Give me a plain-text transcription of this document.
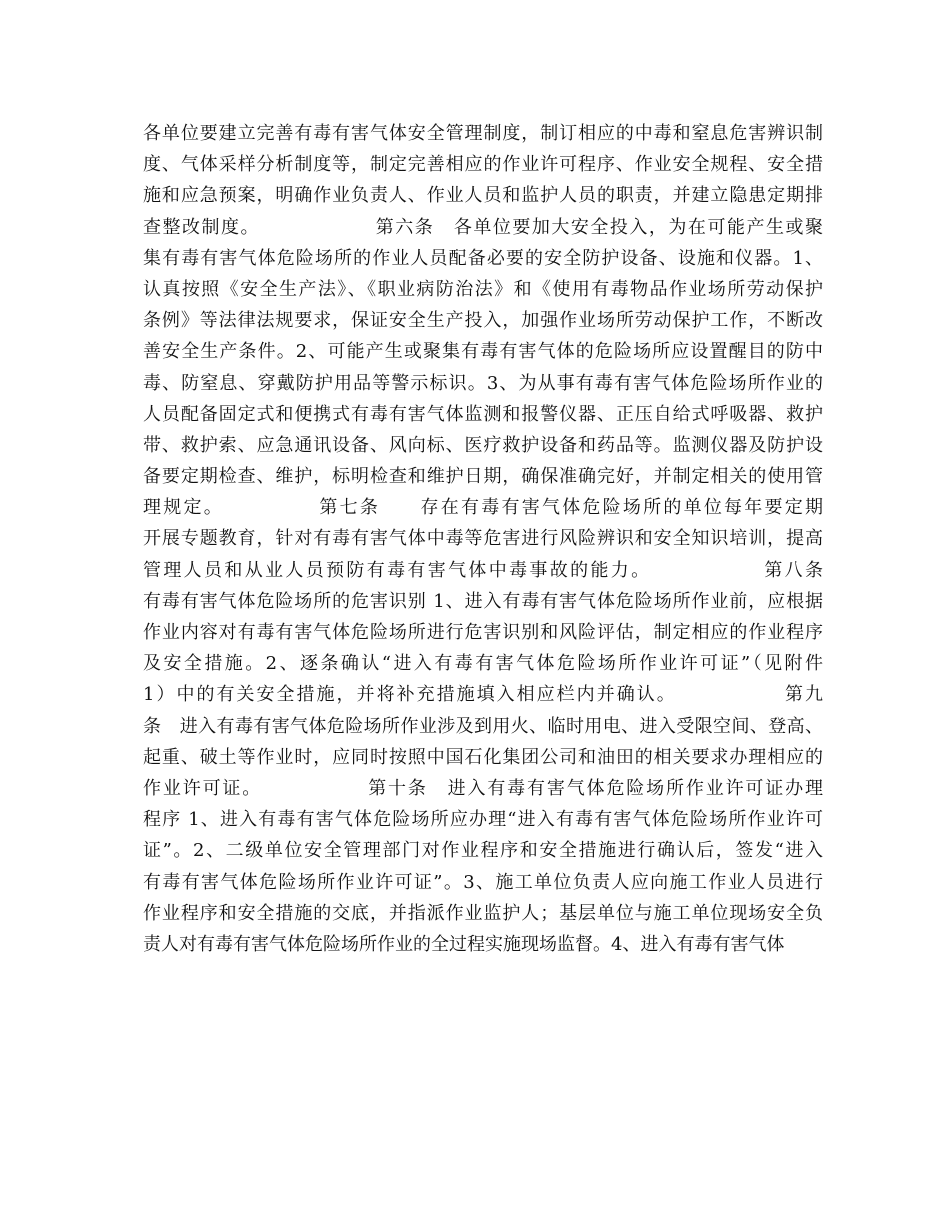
各单位要建立完善有毒有害气体安全管理制度，制订相应的中毒和窒息危害辨识制
度、气体采样分析制度等，制定完善相应的作业许可程序、作业安全规程、安全措
施和应急预案，明确作业负责人、作业人员和监护人员的职责，并建立隐患定期排
查整改制度。                第六条　各单位要加大安全投入，为在可能产生或聚
集有毒有害气体危险场所的作业人员配备必要的安全防护设备、设施和仪器。1、
认真按照《安全生产法》、《职业病防治法》和《使用有毒物品作业场所劳动保护
条例》等法律法规要求，保证安全生产投入，加强作业场所劳动保护工作，不断改
善安全生产条件。2、可能产生或聚集有毒有害气体的危险场所应设置醒目的防中
毒、防窒息、穿戴防护用品等警示标识。3、为从事有毒有害气体危险场所作业的
人员配备固定式和便携式有毒有害气体监测和报警仪器、正压自给式呼吸器、救护
带、救护索、应急通讯设备、风向标、医疗救护设备和药品等。监测仪器及防护设
备要定期检查、维护，标明检查和维护日期，确保准确完好，并制定相关的使用管
理规定。            第七条　　存在有毒有害气体危险场所的单位每年要定期
开展专题教育，针对有毒有害气体中毒等危害进行风险辨识和安全知识培训，提高
管理人员和从业人员预防有毒有害气体中毒事故的能力。              第八条
有毒有害气体危险场所的危害识别 1、进入有毒有害气体危险场所作业前，应根据
作业内容对有毒有害气体危险场所进行危害识别和风险评估，制定相应的作业程序
及安全措施。2、逐条确认“进入有毒有害气体危险场所作业许可证”（见附件
1）中的有关安全措施，并将补充措施填入相应栏内并确认。              第九
条　进入有毒有害气体危险场所作业涉及到用火、临时用电、进入受限空间、登高、
起重、破土等作业时，应同时按照中国石化集团公司和油田的相关要求办理相应的
作业许可证。              第十条　进入有毒有害气体危险场所作业许可证办理
程序 1、进入有毒有害气体危险场所应办理“进入有毒有害气体危险场所作业许可
证”。2、二级单位安全管理部门对作业程序和安全措施进行确认后，签发“进入
有毒有害气体危险场所作业许可证”。3、施工单位负责人应向施工作业人员进行
作业程序和安全措施的交底，并指派作业监护人；基层单位与施工单位现场安全负
责人对有毒有害气体危险场所作业的全过程实施现场监督。4、进入有毒有害气体
